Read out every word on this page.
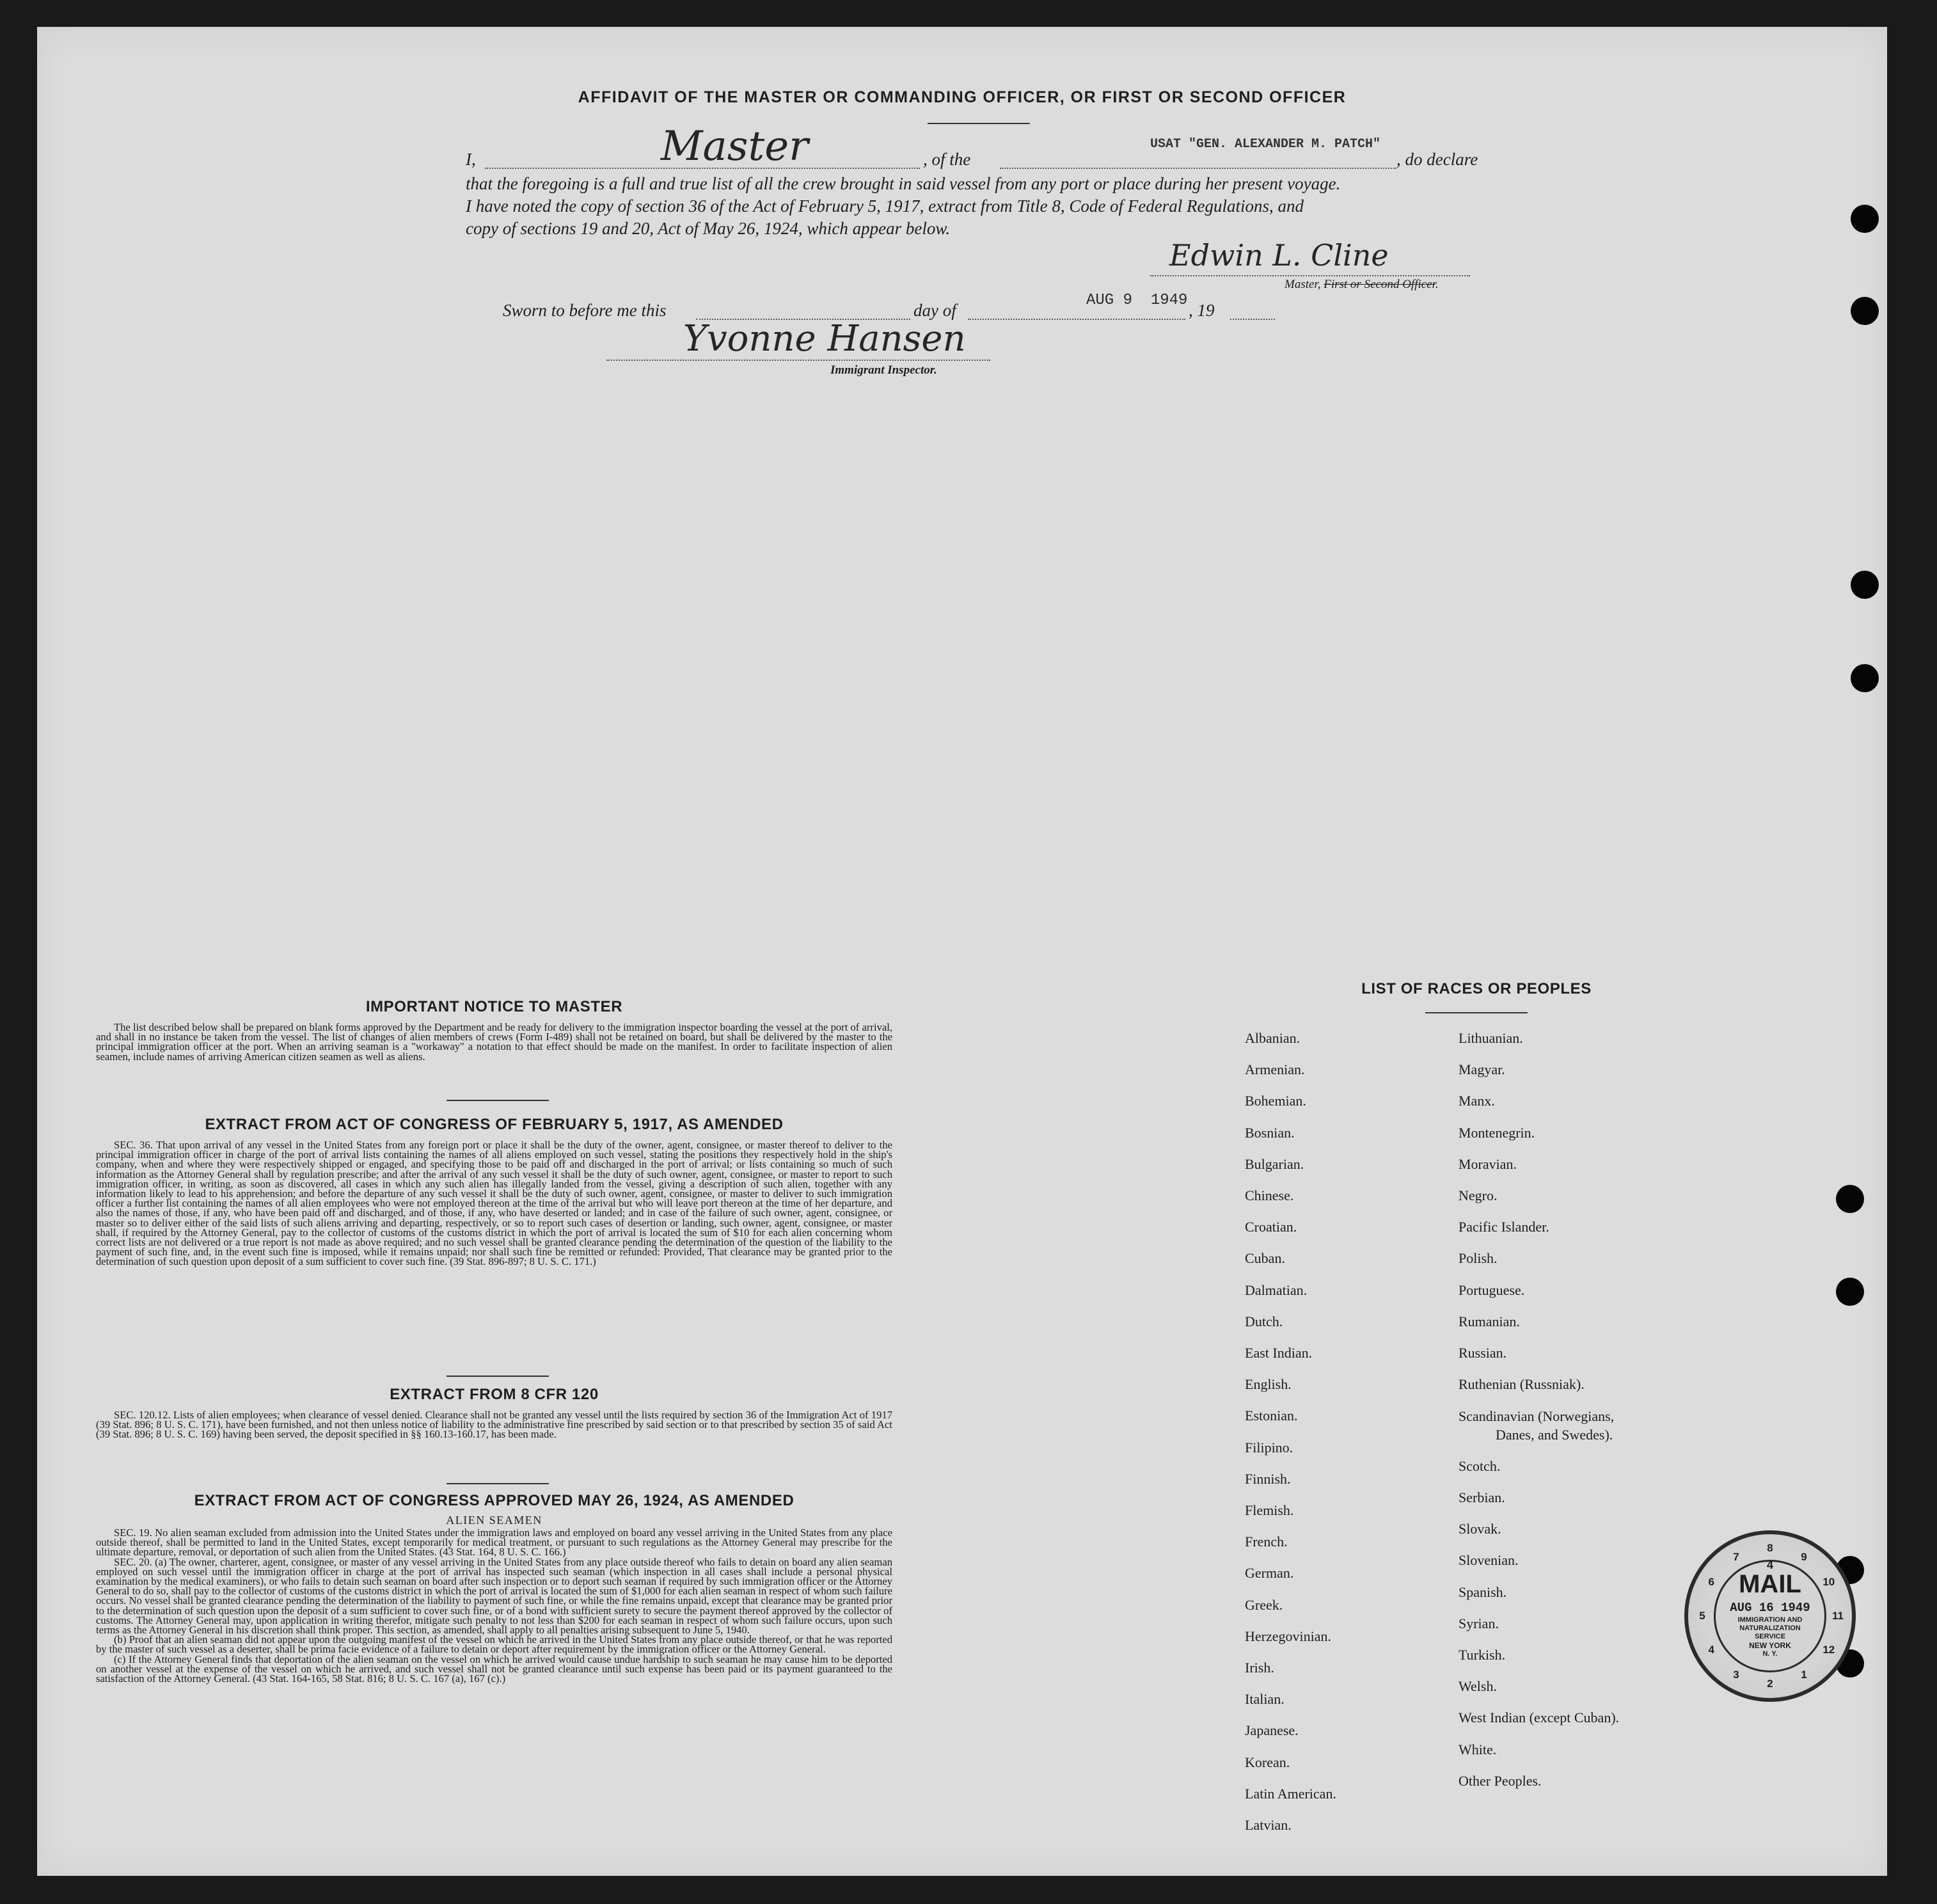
AFFIDAVIT OF THE MASTER OR COMMANDING OFFICER, OR FIRST OR SECOND OFFICER
I,	Master	, of the
USAT "GEN. ALEXANDER M. PATCH"
, do declare
that the foregoing is a full and true list of all the crew brought in said vessel from any port or place during her present voyage.
I have noted the copy of section 36 of the Act of February 5, 1917, extract from Title 8, Code of Federal Regulations, and
copy of sections 19 and 20, Act of May 26, 1924, which appear below.
Edwin L. Cline
Master, First or Second Officer.
Sworn to before me this	day of
AUG 9  1949
, 19
Yvonne Hansen
Immigrant Inspector.
IMPORTANT NOTICE TO MASTER
The list described below shall be prepared on blank forms approved by the Department and be ready for delivery to the immigration inspector boarding the vessel at the port of arrival, and shall in no instance be taken from the vessel. The list of changes of alien members of crews (Form I-489) shall not be retained on board, but shall be delivered by the master to the principal immigration officer at the port. When an arriving seaman is a "workaway" a notation to that effect should be made on the manifest. In order to facilitate inspection of alien seamen, include names of arriving American citizen seamen as well as aliens.
EXTRACT FROM ACT OF CONGRESS OF FEBRUARY 5, 1917, AS AMENDED
SEC. 36. That upon arrival of any vessel in the United States from any foreign port or place it shall be the duty of the owner, agent, consignee, or master thereof to deliver to the principal immigration officer in charge of the port of arrival lists containing the names of all aliens employed on such vessel, stating the positions they respectively hold in the ship's company, when and where they were respectively shipped or engaged, and specifying those to be paid off and discharged in the port of arrival; or lists containing so much of such information as the Attorney General shall by regulation prescribe; and after the arrival of any such vessel it shall be the duty of such owner, agent, consignee, or master to report to such immigration officer, in writing, as soon as discovered, all cases in which any such alien has illegally landed from the vessel, giving a description of such alien, together with any information likely to lead to his apprehension; and before the departure of any such vessel it shall be the duty of such owner, agent, consignee, or master to deliver to such immigration officer a further list containing the names of all alien employees who were not employed thereon at the time of the arrival but who will leave port thereon at the time of her departure, and also the names of those, if any, who have been paid off and discharged, and of those, if any, who have deserted or landed; and in case of the failure of such owner, agent, consignee, or master so to deliver either of the said lists of such aliens arriving and departing, respectively, or so to report such cases of desertion or landing, such owner, agent, consignee, or master shall, if required by the Attorney General, pay to the collector of customs of the customs district in which the port of arrival is located the sum of $10 for each alien concerning whom correct lists are not delivered or a true report is not made as above required; and no such vessel shall be granted clearance pending the determination of the question of the liability to the payment of such fine, and, in the event such fine is imposed, while it remains unpaid; nor shall such fine be remitted or refunded: Provided, That clearance may be granted prior to the determination of such question upon deposit of a sum sufficient to cover such fine. (39 Stat. 896-897; 8 U. S. C. 171.)
EXTRACT FROM 8 CFR 120
SEC. 120.12. Lists of alien employees; when clearance of vessel denied. Clearance shall not be granted any vessel until the lists required by section 36 of the Immigration Act of 1917 (39 Stat. 896; 8 U. S. C. 171), have been furnished, and not then unless notice of liability to the administrative fine prescribed by said section or to that prescribed by section 35 of said Act (39 Stat. 896; 8 U. S. C. 169) having been served, the deposit specified in §§ 160.13-160.17, has been made.
EXTRACT FROM ACT OF CONGRESS APPROVED MAY 26, 1924, AS AMENDED
ALIEN SEAMEN

SEC. 19. No alien seaman excluded from admission into the United States under the immigration laws and employed on board any vessel arriving in the United States from any place outside thereof, shall be permitted to land in the United States, except temporarily for medical treatment, or pursuant to such regulations as the Attorney General may prescribe for the ultimate departure, removal, or deportation of such alien from the United States. (43 Stat. 164, 8 U. S. C. 166.)

SEC. 20. (a) The owner, charterer, agent, consignee, or master of any vessel arriving in the United States from any place outside thereof who fails to detain on board any alien seaman employed on such vessel until the immigration officer in charge at the port of arrival has inspected such seaman (which inspection in all cases shall include a personal physical examination by the medical examiners), or who fails to detain such seaman on board after such inspection or to deport such seaman if required by such immigration officer or the Attorney General to do so, shall pay to the collector of customs of the customs district in which the port of arrival is located the sum of $1,000 for each alien seaman in respect of whom such failure occurs. No vessel shall be granted clearance pending the determination of the liability to payment of such fine, or while the fine remains unpaid, except that clearance may be granted prior to the determination of such question upon the deposit of a sum sufficient to cover such fine, or of a bond with sufficient surety to secure the payment thereof approved by the collector of customs. The Attorney General may, upon application in writing therefor, mitigate such penalty to not less than $200 for each seaman in respect of whom such failure occurs, upon such terms as the Attorney General in his discretion shall think proper. This section, as amended, shall apply to all penalties arising subsequent to June 5, 1940.

(b) Proof that an alien seaman did not appear upon the outgoing manifest of the vessel on which he arrived in the United States from any place outside thereof, or that he was reported by the master of such vessel as a deserter, shall be prima facie evidence of a failure to detain or deport after requirement by the immigration officer or the Attorney General.

(c) If the Attorney General finds that deportation of the alien seaman on the vessel on which he arrived would cause undue hardship to such seaman he may cause him to be deported on another vessel at the expense of the vessel on which he arrived, and such vessel shall not be granted clearance until such expense has been paid or its payment guaranteed to the satisfaction of the Attorney General. (43 Stat. 164-165, 58 Stat. 816; 8 U. S. C. 167 (a), 167 (c).)

LIST OF RACES OR PEOPLES
9
10
11
12
1
2
3
4
5
6
7
8
4
MAIL
AUG 16 1949
IMMIGRATION AND
NATURALIZATION
SERVICE
NEW YORK
N. Y.
Albanian.
Armenian.
Bohemian.
Bosnian.
Bulgarian.
Chinese.
Croatian.
Cuban.
Dalmatian.
Dutch.
East Indian.
English.
Estonian.
Filipino.
Finnish.
Flemish.
French.
German.
Greek.
Herzegovinian.
Irish.
Italian.
Japanese.
Korean.
Latin American.
Latvian.
Lithuanian.
Magyar.
Manx.
Montenegrin.
Moravian.
Negro.
Pacific Islander.
Polish.
Portuguese.
Rumanian.
Russian.
Ruthenian (Russniak).
Scandinavian (Norwegians,
Danes, and Swedes).
Scotch.
Serbian.
Slovak.
Slovenian.
Spanish.
Syrian.
Turkish.
Welsh.
West Indian (except Cuban).
White.
Other Peoples.
